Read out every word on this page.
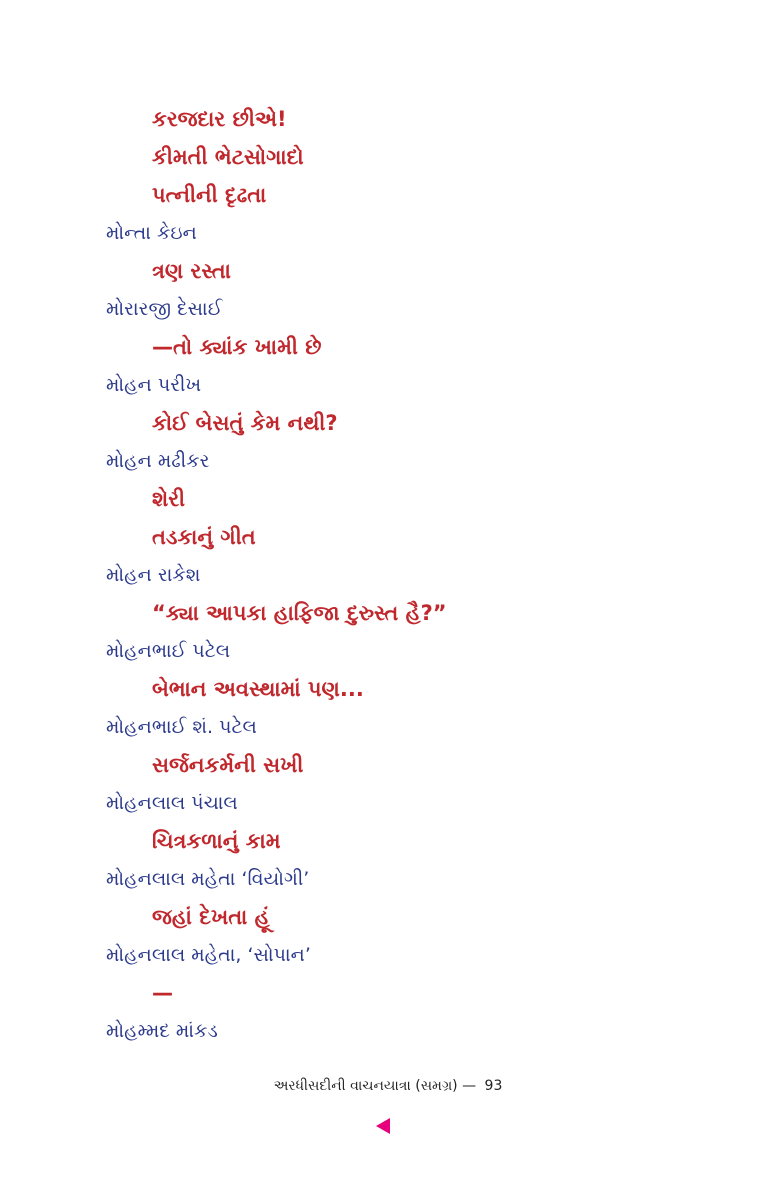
કરજદાર છીએ!
કીમતી ભેટસોગાદો
પત્નીની દૃઢતા
મોન્તા કેઇન
ત્રણ રસ્તા
મોરારજી દેસાઈ
—તો ક્યાંક ખામી છે
મોહન પરીખ
કોઈ બેસતું કેમ નથી?
મોહન મઢીકર
શેરી
તડકાનું ગીત
મોહન રાકેશ
“ક્યા આપકા હાફિજા દુરુસ્ત હૈ?”
મોહનભાઈ પટેલ
બેભાન અવસ્થામાં પણ...
મોહનભાઈ શં. પટેલ
સર્જનકર્મની સખી
મોહનલાલ પંચાલ
ચિત્રકળાનું કામ
મોહનલાલ મહેતા ‘વિયોગી’
જહાં દેખતા હૂં
મોહનલાલ મહેતા, ‘સોપાન’
—
મોહમ્મદ માંકડ
અરધીસદીની વાચનયાત્રા (સમગ્ર) — 93
